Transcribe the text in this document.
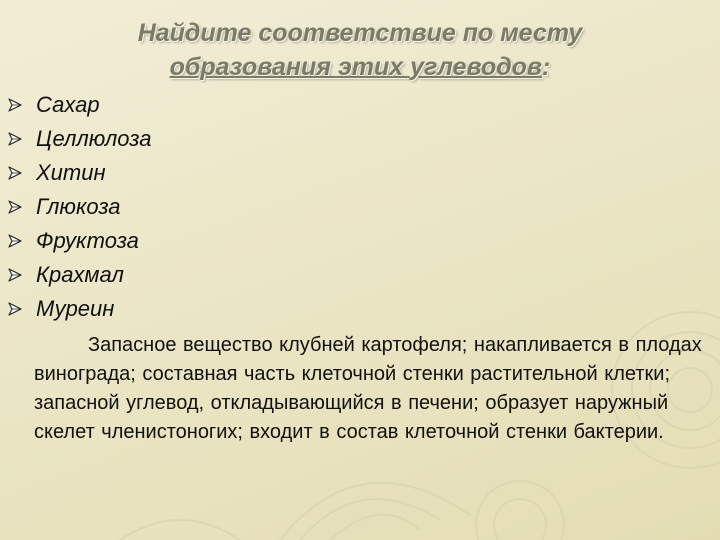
Найдите соответствие по месту
образования этих углеводов:
Сахар
Целлюлоза
Хитин
Глюкоза
Фруктоза
Крахмал
Муреин
Запасное вещество клубней картофеля; накапливается в плодах винограда; составная часть клеточной стенки растительной клетки; запасной углевод, откладывающийся в печени; образует наружный скелет членистоногих; входит в состав клеточной стенки бактерии.
